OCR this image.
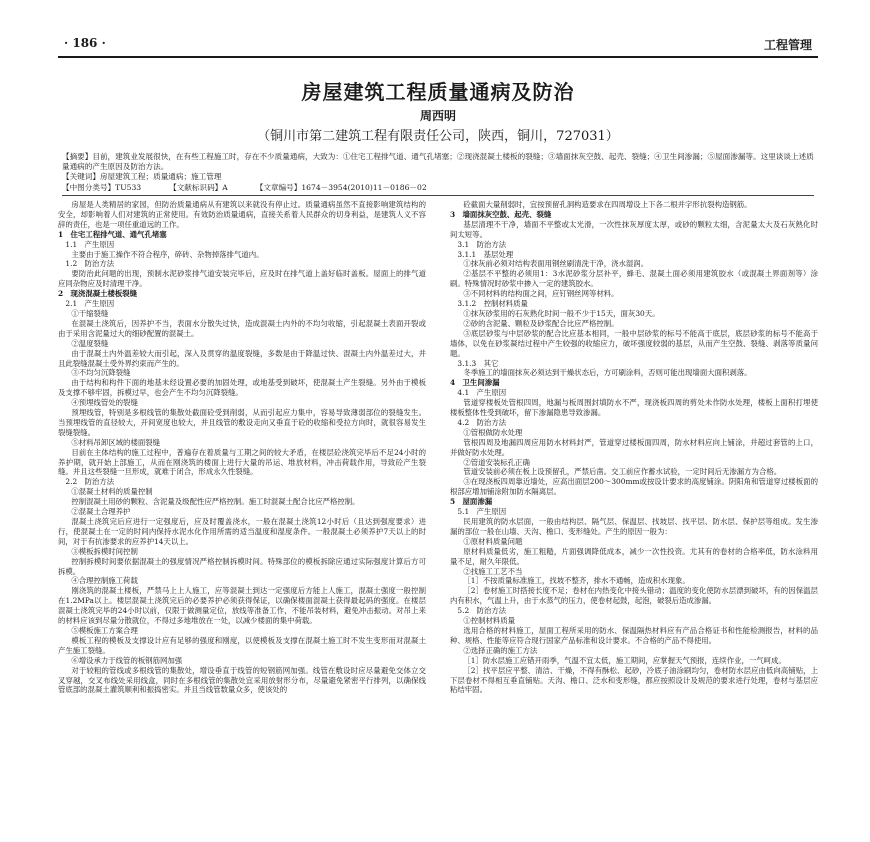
· 186 ·	工程管理
房屋建筑工程质量通病及防治
周西明
（铜川市第二建筑工程有限责任公司，陕西，铜川，727031）
【摘要】目前，建筑业发展很快，在有些工程施工时，存在不少质量通病，大致为：①住宅工程排气道、通气孔堵塞；②现浇混凝土楼板的裂缝；③墙面抹灰空鼓、起壳、裂缝；④卫生间渗漏；⑤屋面渗漏等。这里谈谈上述质量通病的产生原因及防治方法。
【关键词】房屋建筑工程；质量通病；施工管理
【中图分类号】TU533	【文献标识码】A	【文章编号】1674－3954(2010)11－0186－02

房屋是人类精居的家园，但防治质量通病从有建筑以来就没有停止过。质量通病虽然不直接影响建筑结构的安全，却影响着人们对建筑的正常使用。有效防治质量通病，直接关系着人民群众的切身利益，是建筑人义不容辞的责任，也是一项任重道远的工作。

1　住宅工程排气道、通气孔堵塞

1.1　产生原因

主要由于施工操作不符合程序，碎砖、杂物掉落排气道内。

1.2　防治方法

要防治此问题的出现，预制水泥砂浆排气道安装完毕后，应及时在排气道上盖好临时盖板。屋面上的排气道应同杂物应及时清理干净。

2　现浇混凝土楼板裂缝

2.1　产生原因

①干缩裂缝

在混凝土浇筑后，因养护不当，表面水分散失过快，造成混凝土内外的不均匀收缩，引起混凝土表面开裂或由于采用含泥量过大的细砂配置的混凝土。

②温度裂缝

由于混凝土内外温差较大而引起，深入及贯穿的温度裂缝，多数是由于降温过快、混凝土内外温差过大，并且此裂缝混凝土受外界约束而产生的。

③不均匀沉降裂缝

由于结构和构件下面的地基未经设置必要的加固处理，或地基受到破坏，使混凝土产生裂缝。另外由于模板及支撑不够牢固，拆模过早，也会产生不均匀沉降裂缝。

④预埋线管处的裂缝

预埋线管，特别是多根线管的集散处截面砼受到削弱，从而引起应力集中，容易导致薄弱部位的裂缝发生。当预埋线管的直径较大，开间宽度也较大，并且线管的敷设走向又垂直于砼的收缩和受拉方向时，就很容易发生裂缝裂缝。

⑤材料吊卸区域的楼面裂缝

目前在主体结构的施工过程中，普遍存在着质量与工期之间的较大矛盾，在楼层砼浇筑完毕后不足24小时的养护期，就开始上部施工，从而在刚浇筑的楼面上进行大量的吊运、堆放材料，冲击荷载作用，导致砼产生裂缝。并且这些裂缝一旦形成，就难于闭合，形成永久性裂缝。

2.2　防治方法

①混凝土材料的质量控制

控制混凝土用砂的颗粒、含泥量及级配性应严格控制。施工时混凝土配合比应严格控制。

②混凝土合理养护

混凝土浇筑完后应进行一定强度后，应及时覆盖浇水，一般在混凝土浇筑12小时后（且达到强度要求）进行，使混凝土在一定的时间内保持水泥水化作用所需的适当温度和湿度条件。一般混凝土必须养护7天以上的时间，对于有抗渗要求的应养护14天以上。

③模板拆模时间控制

控制拆模时间要依据混凝土的强度情况严格控制拆模时间。特殊部位的模板拆除应通过实际强度计算后方可拆模。

④合理控制施工荷载

刚浇筑的混凝土楼板，严禁马上上人施工，应等混凝土到达一定强度后方能上人施工，混凝土强度一般控制在1.2MPa以上。楼层混凝土浇筑完后的必要养护必须获得保证，以确保楼面混凝土获得最起码的强度。在楼层混凝土浇筑完毕的24小时以前，仅限于做测量定位，放线等准备工作，不能吊装材料，避免冲击振动。对吊上来的材料应该到尽量分散就位，不得过多地堆放在一处，以减少楼面的集中荷载。

⑤模板施工方案合理

模板工程的模板及支撑设计应有足够的强度和刚度，以使模板及支撑在混凝土施工时不发生变形而对混凝土产生施工裂缝。

⑥增设承力于线管的板钢筋网加强

对于较粗的管线或多根线管的集散处，增设垂直于线管的短钢筋网加强。线管在敷设时应尽量避免交体立交叉穿越，交叉布线处采用线盒，同时在多根线管的集散处宜采用放射形分布，尽量避免紧密平行排列，以确保线管底部的混凝土灌筑顺利和振捣密实。并且当线管数量众多，使该处的

砼截面大量削弱时，宜按预留孔洞构造要求在四周增设上下各二根并字形抗裂构造钢筋。

3　墙面抹灰空鼓、起壳、裂缝

基层清理不干净，墙面不平整或太光滑，一次性抹灰厚度太厚，或砂的颗粒太细，含泥量太大及石灰熟化时间太短等。

3.1　防治方法

3.1.1　基层处理

①抹灰前必须对结构表面用钢丝刷清洗干净，浇水湿润。

②基层不平整的必须用1：3水泥砂浆分层补平，蜂毛、混凝土面必须用建筑胶水（或混凝土界面剂等）涂刷。特殊情况时砂浆中掺入一定的建筑胶水。

③不同材料的结构面之间，应钉钢丝网等材料。

3.1.2　控制材料质量

①抹灰砂浆用的石灰熟化时间一般不少于15天，面灰30天。

②砂的含泥量、颗粒及砂浆配合比应严格控制。

③底层砂浆与中层砂浆的配合比应基本相同，一般中层砂浆的标号不能高于底层，底层砂浆的标号不能高于墙体，以免在砂浆凝结过程中产生较强的收缩应力，破坏强度较弱的基层，从而产生空鼓、裂缝、剥落等质量问题。

3.1.3　其它

冬季施工的墙面抹灰必须达到干燥状态后，方可刷涂料，否则可能出现墙面大面积剥落。

4　卫生间渗漏

4.1　产生原因

管道穿楼板处管根四周，地漏与板周围封填防水不严，现浇板四周的剪处未作防水处理，楼板上面积打埋使楼板整体性受到破坏，留下渗漏隐患导致渗漏。

4.2　防治方法

①管根做防水处理

管根四周及地漏四周应用防水材料封严，管道穿过楼板面四周，防水材料应向上铺涂，并超过套管的上口，并做好防水处理。

②管道安装标孔正确

管道安装前必须在板上设预留孔，严禁后凿。交工前应作蓄水试验，一定时间后无渗漏方为合格。

③在现浇板四周靠近墙处，应高出面层200～300mm或按设计要求的高度铺涂。阴阳角和管道穿过楼板面的根部应增加铺涂附加防水隔离层。

5　屋面渗漏

5.1　产生原因

民用建筑的防水层面，一般由结构层、隔气层、保温层、找坡层、找平层、防水层、保护层等组成。发生渗漏的部位一般在山墙、天沟、檐口、变形缝处。产生的原因一般为：

①原材料质量问题

原材料质量低劣，施工粗糙，片面强调降低成本，减少一次性投资。尤其有的卷材的合格率低，防水涂料用量不足，耐久年限低。

②找施工工艺不当

［1］不按质量标准施工，找坡不整齐，排水不通畅，造成积水现象。

［2］卷材施工时搭接长度不足；卷材在内热变化中接头错动；温度的变化使防水层漂到破坏，有的因保温层内有积水，气温上升，由于水蒸气的压力，使卷材起鼓，起泡，破裂后造成渗漏。

5.2　防治方法

①控制材料质量

选用合格的材料施工，屋面工程所采用的防水、保温隔热材料应有产品合格证书和性能检测报告，材料的品种、规格、性能等应符合现行国家产品标准和设计要求。不合格的产品不得使用。

②选择正确的施工方法

［1］防水层施工应错开雨季，气温不宜太低，施工期间，应掌握天气预报，连续作业，一气呵成。

［2］找平层应平整、清洁、干燥，不得有酥松、起砂，冷底子油涂刷均匀，卷材防水层应由低向高铺贴，上下层卷材不得相互垂直铺贴。天沟、檐口、泛水和变形缝，都应按照设计及规范的要求进行处理，卷材与基层应粘结牢固。
